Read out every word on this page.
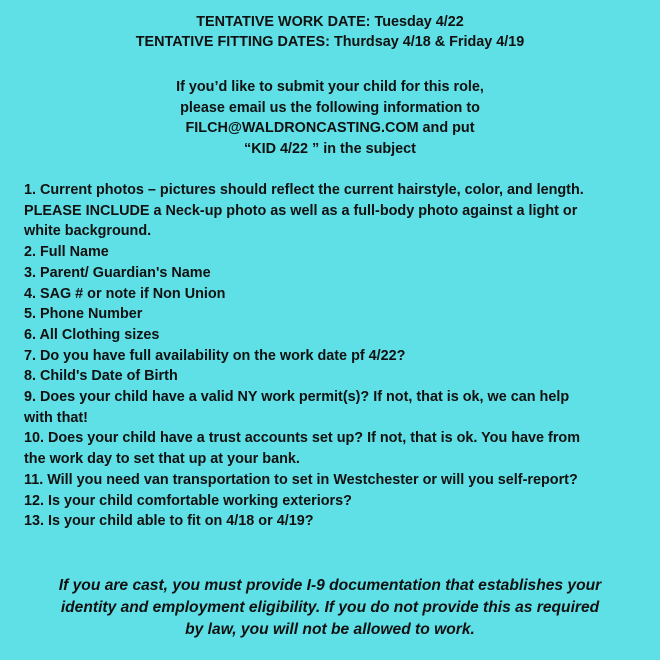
TENTATIVE WORK DATE: Tuesday 4/22
TENTATIVE FITTING DATES: Thurdsay 4/18 & Friday 4/19
If you’d like to submit your child for this role,
please email us the following information to
FILCH@WALDRONCASTING.COM and put
“KID 4/22 ” in the subject
1. Current photos – pictures should reflect the current hairstyle, color, and length.
PLEASE INCLUDE a Neck-up photo as well as a full-body photo against a light or
white background.
2. Full Name
3. Parent/ Guardian's Name
4. SAG # or note if Non Union
5. Phone Number
6. All Clothing sizes
7. Do you have full availability on the work date pf 4/22?
8. Child's Date of Birth
9. Does your child have a valid NY work permit(s)? If not, that is ok, we can help
with that!
10. Does your child have a trust accounts set up? If not, that is ok. You have from
the work day to set that up at your bank.
11. Will you need van transportation to set in Westchester or will you self-report?
12. Is your child comfortable working exteriors?
13. Is your child able to fit on 4/18 or 4/19?
If you are cast, you must provide I-9 documentation that establishes your
identity and employment eligibility. If you do not provide this as required
by law, you will not be allowed to work.
